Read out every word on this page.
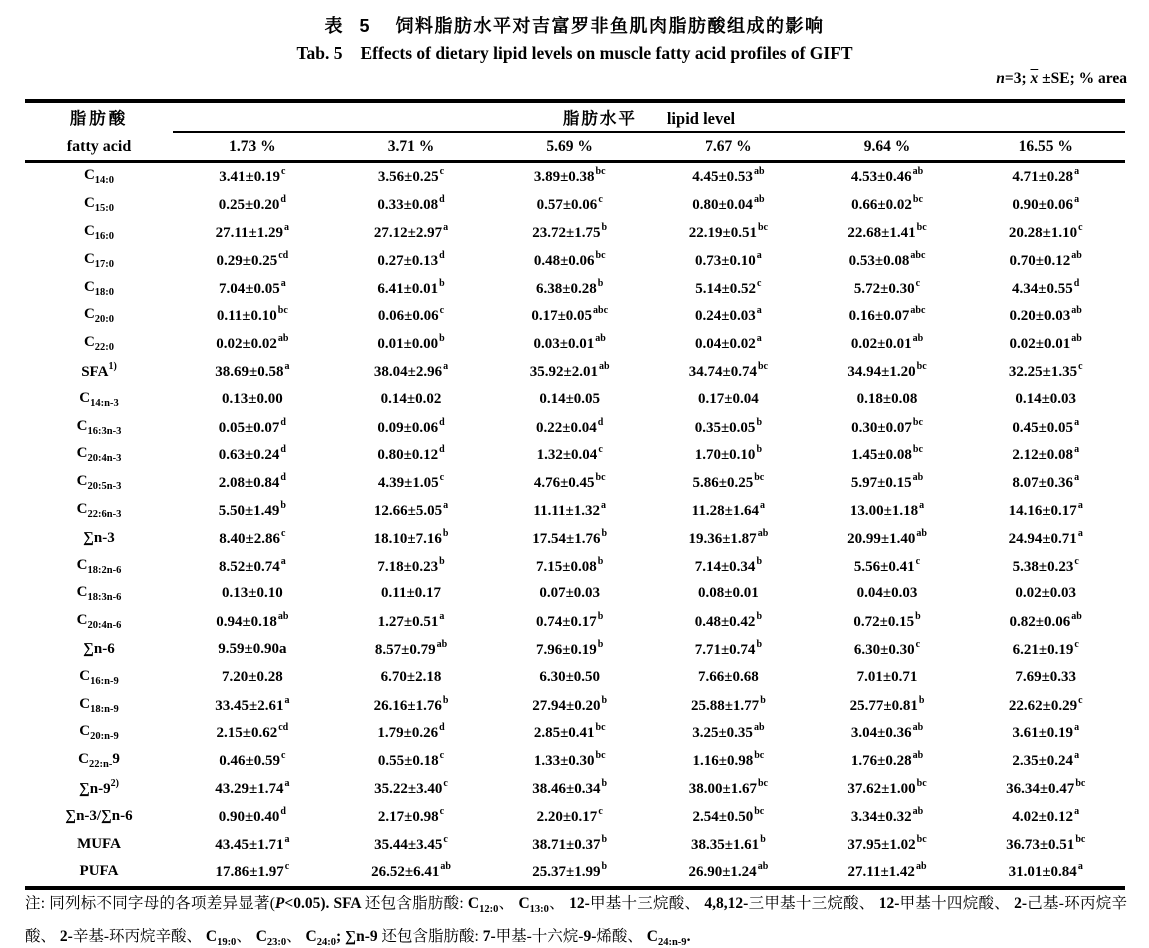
表 5 饲料脂肪水平对吉富罗非鱼肌肉脂肪酸组成的影响
Tab. 5 Effects of dietary lipid levels on muscle fatty acid profiles of GIFT
n=3; $\overline{x} \pm SE$; % area
脂肪酸	脂肪水平 lipid level
fatty acid	1.73 %	3.71 %	5.69 %	7.67 %	9.64 %	16.55 %
$C_{14:0}$	3.41±0.19$^c$	3.56±0.25$^c$	3.89±0.38$^{bc}$	4.45±0.53$^{ab}$	4.53±0.46$^{ab}$	4.71±0.28$^a$
$C_{15:0}$	0.25±0.20$^d$	0.33±0.08$^d$	0.57±0.06$^c$	0.80±0.04$^{ab}$	0.66±0.02$^{bc}$	0.90±0.06$^a$
$C_{16:0}$	27.11±1.29$^a$	27.12±2.97$^a$	23.72±1.75$^b$	22.19±0.51$^{bc}$	22.68±1.41$^{bc}$	20.28±1.10$^c$
$C_{17:0}$	0.29±0.25$^{cd}$	0.27±0.13$^d$	0.48±0.06$^{bc}$	0.73±0.10$^a$	0.53±0.08$^{abc}$	0.70±0.12$^{ab}$
$C_{18:0}$	7.04±0.05$^a$	6.41±0.01$^b$	6.38±0.28$^b$	5.14±0.52$^c$	5.72±0.30$^c$	4.34±0.55$^d$
$C_{20:0}$	0.11±0.10$^{bc}$	0.06±0.06$^c$	0.17±0.05$^{abc}$	0.24±0.03$^a$	0.16±0.07$^{abc}$	0.20±0.03$^{ab}$
$C_{22:0}$	0.02±0.02$^{ab}$	0.01±0.00$^b$	0.03±0.01$^{ab}$	0.04±0.02$^a$	0.02±0.01$^{ab}$	0.02±0.01$^{ab}$
SFA$^{1)}$	38.69±0.58$^a$	38.04±2.96$^a$	35.92±2.01$^{ab}$	34.74±0.74$^{bc}$	34.94±1.20$^{bc}$	32.25±1.35$^c$
$C_{14:n-3}$	0.13±0.00	0.14±0.02	0.14±0.05	0.17±0.04	0.18±0.08	0.14±0.03
$C_{16:3n-3}$	0.05±0.07$^d$	0.09±0.06$^d$	0.22±0.04$^d$	0.35±0.05$^b$	0.30±0.07$^{bc}$	0.45±0.05$^a$
$C_{20:4n-3}$	0.63±0.24$^d$	0.80±0.12$^d$	1.32±0.04$^c$	1.70±0.10$^b$	1.45±0.08$^{bc}$	2.12±0.08$^a$
$C_{20:5n-3}$	2.08±0.84$^d$	4.39±1.05$^c$	4.76±0.45$^{bc}$	5.86±0.25$^{bc}$	5.97±0.15$^{ab}$	8.07±0.36$^a$
$C_{22:6n-3}$	5.50±1.49$^b$	12.66±5.05$^a$	11.11±1.32$^a$	11.28±1.64$^a$	13.00±1.18$^a$	14.16±0.17$^a$
∑n-3	8.40±2.86$^c$	18.10±7.16$^b$	17.54±1.76$^b$	19.36±1.87$^{ab}$	20.99±1.40$^{ab}$	24.94±0.71$^a$
$C_{18:2n-6}$	8.52±0.74$^a$	7.18±0.23$^b$	7.15±0.08$^b$	7.14±0.34$^b$	5.56±0.41$^c$	5.38±0.23$^c$
$C_{18:3n-6}$	0.13±0.10	0.11±0.17	0.07±0.03	0.08±0.01	0.04±0.03	0.02±0.03
$C_{20:4n-6}$	0.94±0.18$^{ab}$	1.27±0.51$^a$	0.74±0.17$^b$	0.48±0.42$^b$	0.72±0.15$^b$	0.82±0.06$^{ab}$
∑n-6	9.59±0.90a	8.57±0.79$^{ab}$	7.96±0.19$^b$	7.71±0.74$^b$	6.30±0.30$^c$	6.21±0.19$^c$
$C_{16:n-9}$	7.20±0.28	6.70±2.18	6.30±0.50	7.66±0.68	7.01±0.71	7.69±0.33
$C_{18:n-9}$	33.45±2.61$^a$	26.16±1.76$^b$	27.94±0.20$^b$	25.88±1.77$^b$	25.77±0.81$^b$	22.62±0.29$^c$
$C_{20:n-9}$	2.15±0.62$^{cd}$	1.79±0.26$^d$	2.85±0.41$^{bc}$	3.25±0.35$^{ab}$	3.04±0.36$^{ab}$	3.61±0.19$^a$
$C_{22:n-}9$	0.46±0.59$^c$	0.55±0.18$^c$	1.33±0.30$^{bc}$	1.16±0.98$^{bc}$	1.76±0.28$^{ab}$	2.35±0.24$^a$
∑n-9$^{2)}$	43.29±1.74$^a$	35.22±3.40$^c$	38.46±0.34$^b$	38.00±1.67$^{bc}$	37.62±1.00$^{bc}$	36.34±0.47$^{bc}$
∑n-3/∑n-6	0.90±0.40$^d$	2.17±0.98$^c$	2.20±0.17$^c$	2.54±0.50$^{bc}$	3.34±0.32$^{ab}$	4.02±0.12$^a$
MUFA	43.45±1.71$^a$	35.44±3.45$^c$	38.71±0.37$^b$	38.35±1.61$^b$	37.95±1.02$^{bc}$	36.73±0.51$^{bc}$
PUFA	17.86±1.97$^c$	26.52±6.41$^{ab}$	25.37±1.99$^b$	26.90±1.24$^{ab}$	27.11±1.42$^{ab}$	31.01±0.84$^a$
注: 同列标不同字母的各项差异显著(P<0.05). SFA 还包含脂肪酸: $C_{12:0}$、 $C_{13:0}$、 12-甲基十三烷酸、 4,8,12-三甲基十三烷酸、 12-甲基十四烷酸、 2-己基-环丙烷辛酸、 2-辛基-环丙烷辛酸、 $C_{19:0}$、 $C_{23:0}$、 $C_{24:0}$; ∑n-9 还包含脂肪酸: 7-甲基-十六烷-9-烯酸、 $C_{24:n-9}$.
